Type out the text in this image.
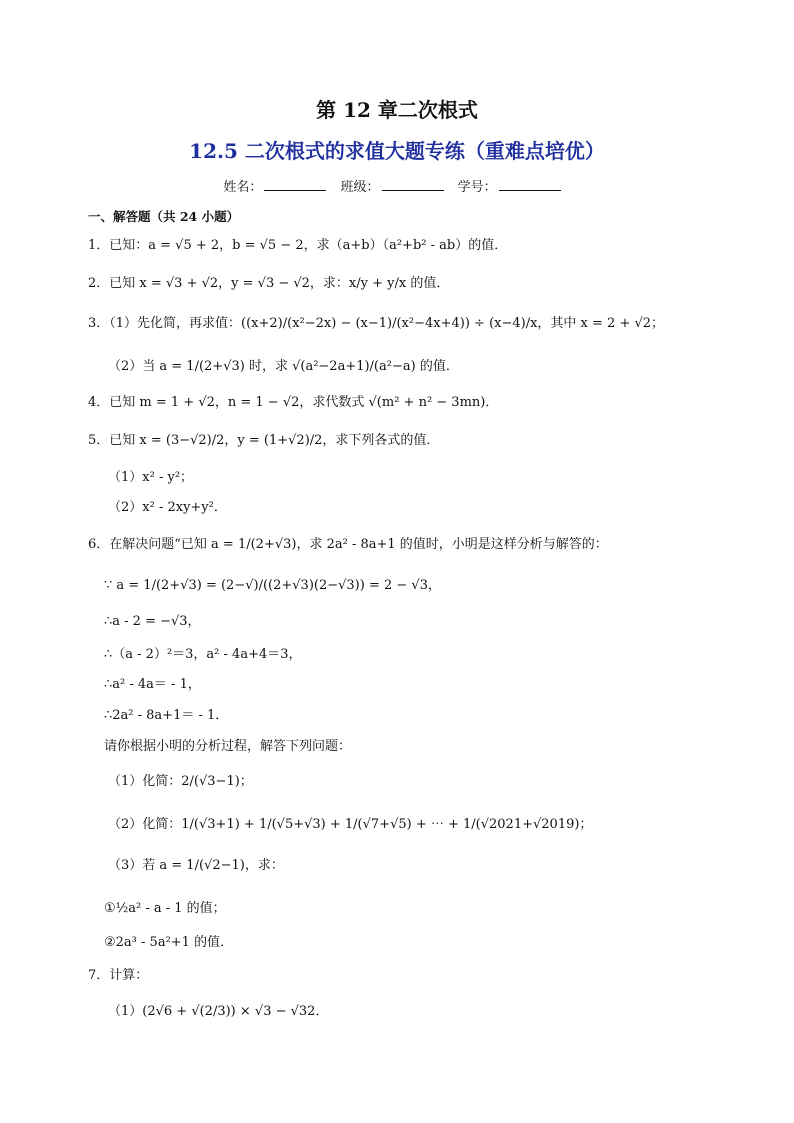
第 12 章二次根式
12.5 二次根式的求值大题专练（重难点培优）
姓名：	班级：	学号：
一、解答题（共 24 小题）
1．已知：a = √5 + 2，b = √5 − 2，求（a+b）（a²+b² - ab）的值．
2．已知 x = √3 + √2，y = √3 − √2，求：x/y + y/x 的值．
3．（1）先化简，再求值：((x+2)/(x²−2x) − (x−1)/(x²−4x+4)) ÷ (x−4)/x，其中 x = 2 + √2；
（2）当 a = 1/(2+√3) 时，求 √(a²−2a+1)/(a²−a) 的值．
4．已知 m = 1 + √2，n = 1 − √2，求代数式 √(m² + n² − 3mn)．
5．已知 x = (3−√2)/2，y = (1+√2)/2，求下列各式的值．
（1）x² - y²；
（2）x² - 2xy+y²．
6．在解决问题“已知 a = 1/(2+√3)，求 2a² - 8a+1 的值时，小明是这样分析与解答的：
∵ a = 1/(2+√3) = (2−√)/((2+√3)(2−√3)) = 2 − √3，
∴a - 2 = −√3，
∴（a - 2）²＝3，a² - 4a+4＝3，
∴a² - 4a＝ - 1，
∴2a² - 8a+1＝ - 1．
请你根据小明的分析过程，解答下列问题：
（1）化简：2/(√3−1)；
（2）化简：1/(√3+1) + 1/(√5+√3) + 1/(√7+√5) + ⋯ + 1/(√2021+√2019)；
（3）若 a = 1/(√2−1)，求：
①½a² - a - 1 的值；
②2a³ - 5a²+1 的值．
7．计算：
（1）(2√6 + √(2/3)) × √3 − √32．
